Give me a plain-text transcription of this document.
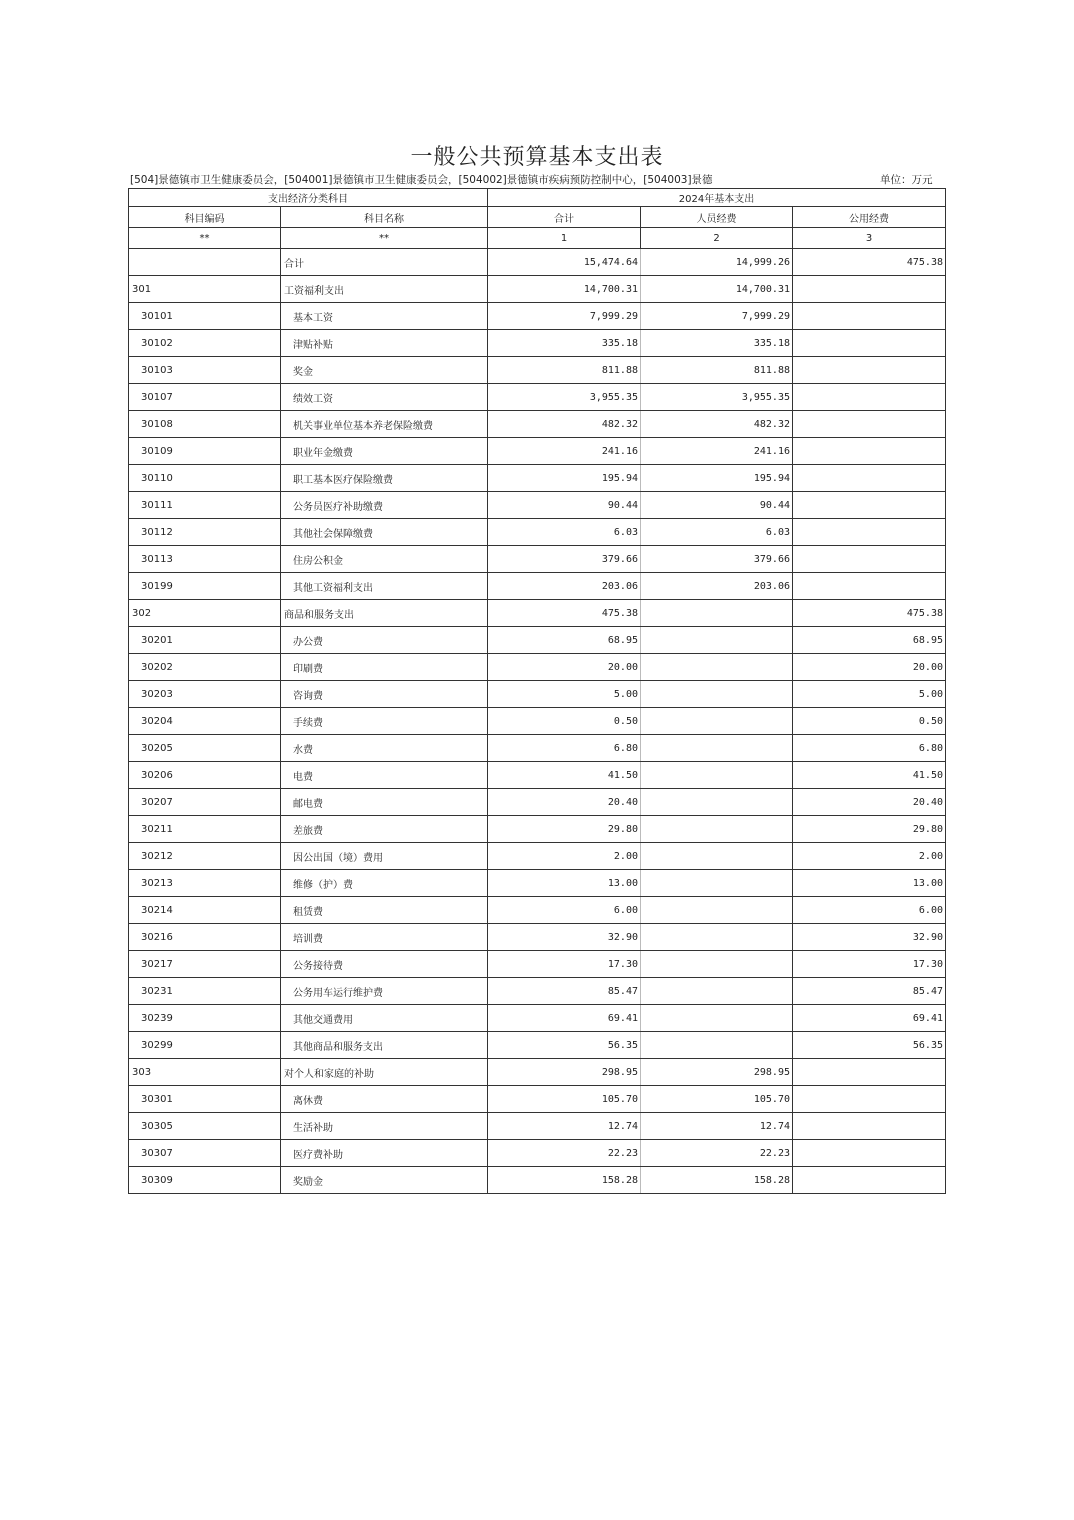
一般公共预算基本支出表
[504]景德镇市卫生健康委员会，[504001]景德镇市卫生健康委员会，[504002]景德镇市疾病预防控制中心，[504003]景德	单位：万元
支出经济分类科目		2024年基本支出		
科目编码	科目名称	合计	人员经费	公用经费
**	**	1	2	3
	合计	15,474.64	14,999.26	475.38
301	工资福利支出	14,700.31	14,700.31	
30101	基本工资	7,999.29	7,999.29	
30102	津贴补贴	335.18	335.18	
30103	奖金	811.88	811.88	
30107	绩效工资	3,955.35	3,955.35	
30108	机关事业单位基本养老保险缴费	482.32	482.32	
30109	职业年金缴费	241.16	241.16	
30110	职工基本医疗保险缴费	195.94	195.94	
30111	公务员医疗补助缴费	90.44	90.44	
30112	其他社会保障缴费	6.03	6.03	
30113	住房公积金	379.66	379.66	
30199	其他工资福利支出	203.06	203.06	
302	商品和服务支出	475.38		475.38
30201	办公费	68.95		68.95
30202	印刷费	20.00		20.00
30203	咨询费	5.00		5.00
30204	手续费	0.50		0.50
30205	水费	6.80		6.80
30206	电费	41.50		41.50
30207	邮电费	20.40		20.40
30211	差旅费	29.80		29.80
30212	因公出国（境）费用	2.00		2.00
30213	维修（护）费	13.00		13.00
30214	租赁费	6.00		6.00
30216	培训费	32.90		32.90
30217	公务接待费	17.30		17.30
30231	公务用车运行维护费	85.47		85.47
30239	其他交通费用	69.41		69.41
30299	其他商品和服务支出	56.35		56.35
303	对个人和家庭的补助	298.95	298.95	
30301	离休费	105.70	105.70	
30305	生活补助	12.74	12.74	
30307	医疗费补助	22.23	22.23	
30309	奖励金	158.28	158.28	
